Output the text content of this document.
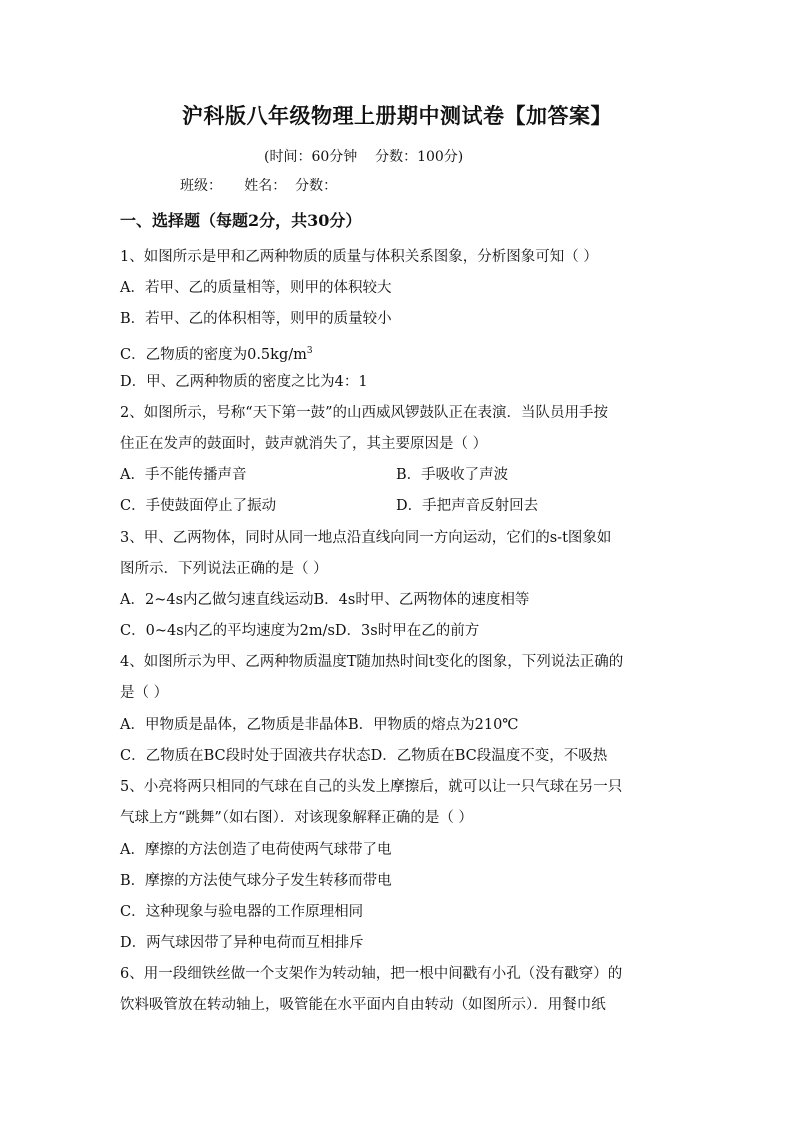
沪科版八年级物理上册期中测试卷【加答案】
(时间：60分钟    分数：100分)
班级：     姓名：  分数：
一、选择题（每题2分，共30分）
1、如图所示是甲和乙两种物质的质量与体积关系图象，分析图象可知（ ）
A．若甲、乙的质量相等，则甲的体积较大
B．若甲、乙的体积相等，则甲的质量较小
C．乙物质的密度为$0.5kg/m^3$
D．甲、乙两种物质的密度之比为4：1
2、如图所示，号称“天下第一鼓”的山西威风锣鼓队正在表演．当队员用手按
住正在发声的鼓面时，鼓声就消失了，其主要原因是（ ）
A．手不能传播声音	B．手吸收了声波
C．手使鼓面停止了振动	D．手把声音反射回去
3、甲、乙两物体，同时从同一地点沿直线向同一方向运动，它们的s-t图象如
图所示．下列说法正确的是（ ）
A．2~4s内乙做匀速直线运动B．4s时甲、乙两物体的速度相等
C．0~4s内乙的平均速度为2m/sD．3s时甲在乙的前方
4、如图所示为甲、乙两种物质温度T随加热时间t变化的图象，下列说法正确的
是（ ）
A．甲物质是晶体，乙物质是非晶体B．甲物质的熔点为210℃
C．乙物质在BC段时处于固液共存状态D．乙物质在BC段温度不变，不吸热
5、小亮将两只相同的气球在自己的头发上摩擦后，就可以让一只气球在另一只
气球上方“跳舞”（如右图）．对该现象解释正确的是（ ）
A．摩擦的方法创造了电荷使两气球带了电
B．摩擦的方法使气球分子发生转移而带电
C．这种现象与验电器的工作原理相同
D．两气球因带了异种电荷而互相排斥
6、用一段细铁丝做一个支架作为转动轴，把一根中间戳有小孔（没有戳穿）的
饮料吸管放在转动轴上，吸管能在水平面内自由转动（如图所示）．用餐巾纸
